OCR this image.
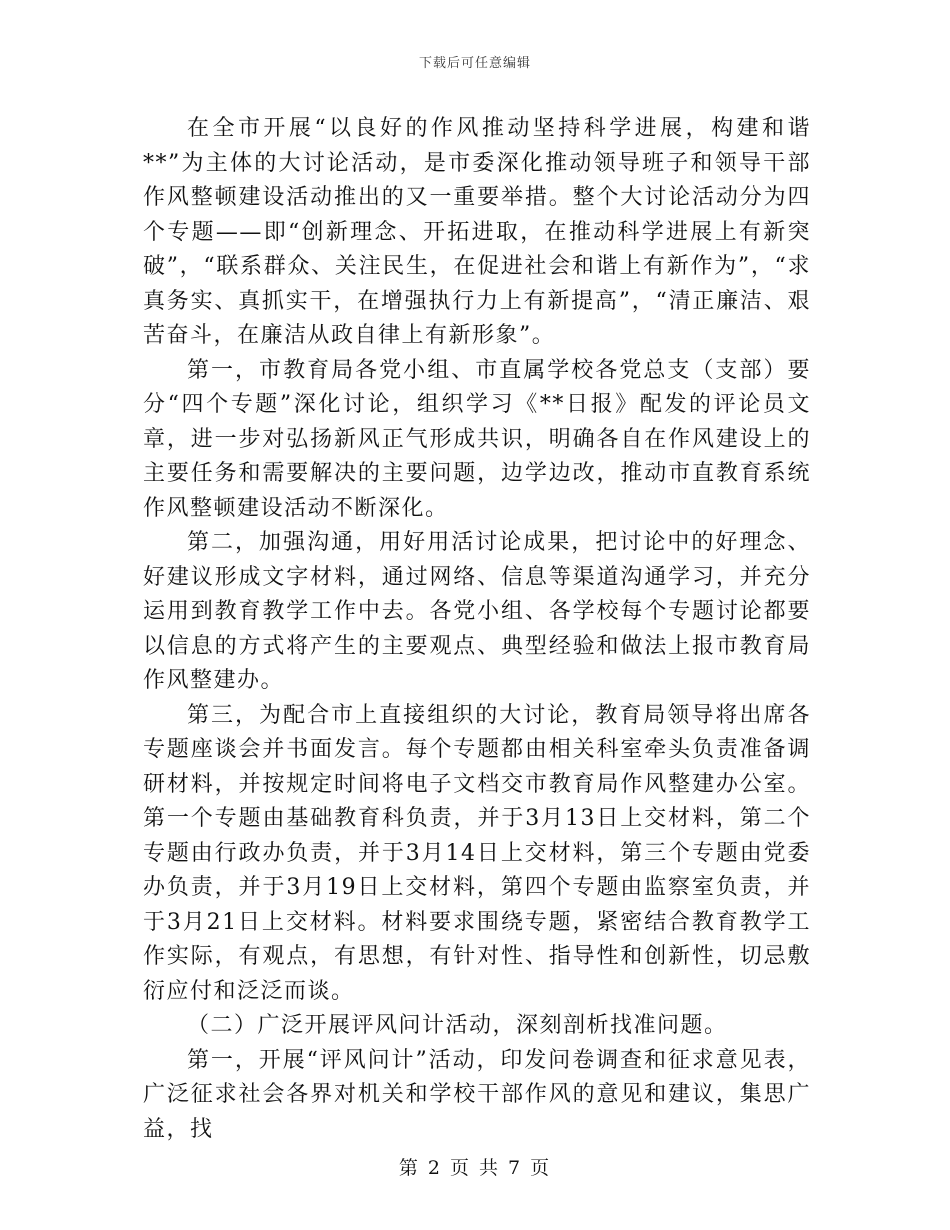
下载后可任意编辑

在全市开展“以良好的作风推动坚持科学进展，构建和谐**”为主体的大讨论活动，是市委深化推动领导班子和领导干部作风整顿建设活动推出的又一重要举措。整个大讨论活动分为四个专题——即“创新理念、开拓进取，在推动科学进展上有新突破”，“联系群众、关注民生，在促进社会和谐上有新作为”，“求真务实、真抓实干，在增强执行力上有新提高”，“清正廉洁、艰苦奋斗，在廉洁从政自律上有新形象”。

第一，市教育局各党小组、市直属学校各党总支（支部）要分“四个专题”深化讨论，组织学习《**日报》配发的评论员文章，进一步对弘扬新风正气形成共识，明确各自在作风建设上的主要任务和需要解决的主要问题，边学边改，推动市直教育系统作风整顿建设活动不断深化。

第二，加强沟通，用好用活讨论成果，把讨论中的好理念、好建议形成文字材料，通过网络、信息等渠道沟通学习，并充分运用到教育教学工作中去。各党小组、各学校每个专题讨论都要以信息的方式将产生的主要观点、典型经验和做法上报市教育局作风整建办。

第三，为配合市上直接组织的大讨论，教育局领导将出席各专题座谈会并书面发言。每个专题都由相关科室牵头负责准备调研材料，并按规定时间将电子文档交市教育局作风整建办公室。第一个专题由基础教育科负责，并于3月13日上交材料，第二个专题由行政办负责，并于3月14日上交材料，第三个专题由党委办负责，并于3月19日上交材料，第四个专题由监察室负责，并于3月21日上交材料。材料要求围绕专题，紧密结合教育教学工作实际，有观点，有思想，有针对性、指导性和创新性，切忌敷衍应付和泛泛而谈。

（二）广泛开展评风问计活动，深刻剖析找准问题。

第一，开展“评风问计”活动，印发问卷调查和征求意见表，广泛征求社会各界对机关和学校干部作风的意见和建议，集思广益，找

第 2 页 共 7 页
